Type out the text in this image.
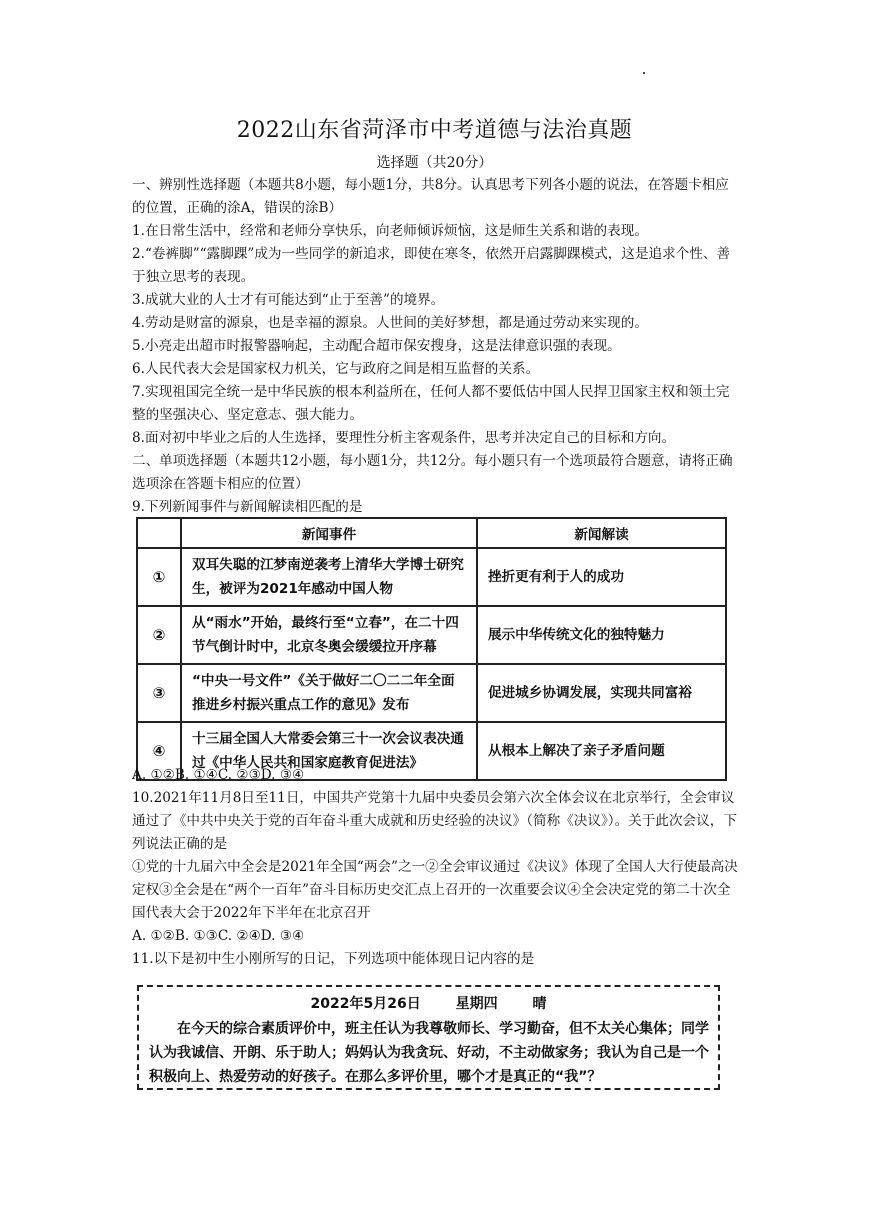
2022山东省菏泽市中考道德与法治真题
选择题（共20分）

一、辨别性选择题（本题共8小题，每小题1分，共8分。认真思考下列各小题的说法，在答题卡相应的位置，正确的涂A，错误的涂B）

1.在日常生活中，经常和老师分享快乐，向老师倾诉烦恼，这是师生关系和谐的表现。

2.“卷裤脚”“露脚踝”成为一些同学的新追求，即使在寒冬，依然开启露脚踝模式，这是追求个性、善于独立思考的表现。

3.成就大业的人士才有可能达到“止于至善”的境界。

4.劳动是财富的源泉，也是幸福的源泉。人世间的美好梦想，都是通过劳动来实现的。

5.小亮走出超市时报警器响起，主动配合超市保安搜身，这是法律意识强的表现。

6.人民代表大会是国家权力机关，它与政府之间是相互监督的关系。

7.实现祖国完全统一是中华民族的根本利益所在，任何人都不要低估中国人民捍卫国家主权和领土完整的坚强决心、坚定意志、强大能力。

8.面对初中毕业之后的人生选择，要理性分析主客观条件，思考并决定自己的目标和方向。

二、单项选择题（本题共12小题，每小题1分，共12分。每小题只有一个选项最符合题意，请将正确选项涂在答题卡相应的位置）

9.下列新闻事件与新闻解读相匹配的是

	新闻事件	新闻解读
①	双耳失聪的江梦南逆袭考上清华大学博士研究生，被评为2021年感动中国人物	挫折更有利于人的成功
②	从“雨水”开始，最终行至“立春”，在二十四节气倒计时中，北京冬奥会缓缓拉开序幕	展示中华传统文化的独特魅力
③	“中央一号文件”《关于做好二〇二二年全面推进乡村振兴重点工作的意见》发布	促进城乡协调发展，实现共同富裕
④	十三届全国人大常委会第三十一次会议表决通过《中华人民共和国家庭教育促进法》	从根本上解决了亲子矛盾问题

A. ①②B. ①④C. ②③D. ③④

10.2021年11月8日至11日，中国共产党第十九届中央委员会第六次全体会议在北京举行，全会审议通过了《中共中央关于党的百年奋斗重大成就和历史经验的决议》（简称《决议》）。关于此次会议，下列说法正确的是

①党的十九届六中全会是2021年全国“两会”之一②全会审议通过《决议》体现了全国人大行使最高决定权③全会是在“两个一百年”奋斗目标历史交汇点上召开的一次重要会议④全会决定党的第二十次全国代表大会于2022年下半年在北京召开

A. ①②B. ①③C. ②④D. ③④

11.以下是初中生小刚所写的日记，下列选项中能体现日记内容的是

2022年5月26日 星期四 晴
在今天的综合素质评价中，班主任认为我尊敬师长、学习勤奋，但不太关心集体；同学认为我诚信、开朗、乐于助人；妈妈认为我贪玩、好动，不主动做家务；我认为自己是一个积极向上、热爱劳动的好孩子。在那么多评价里，哪个才是真正的“我”？
